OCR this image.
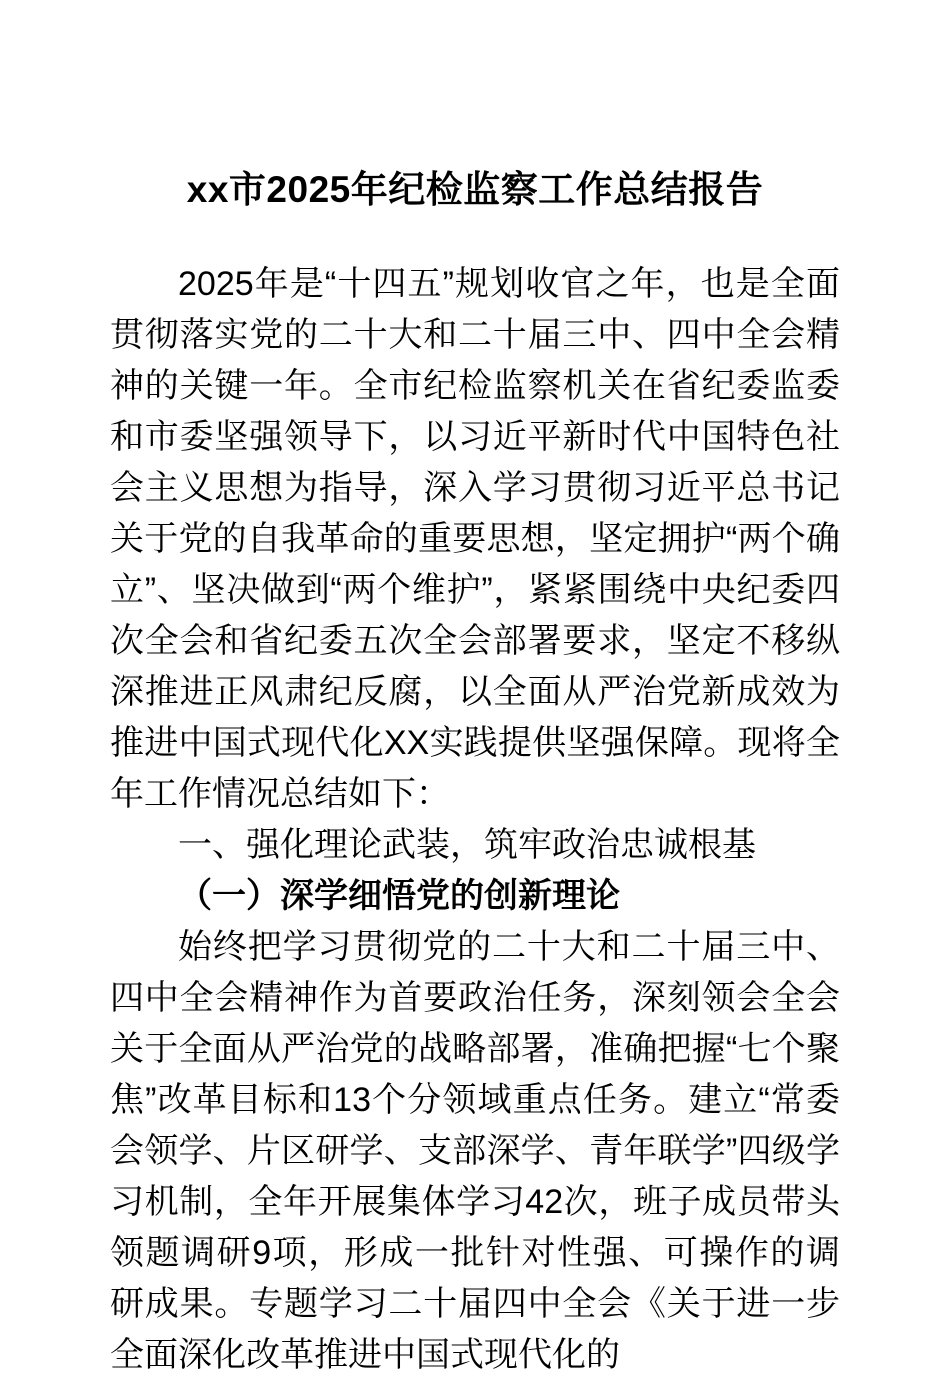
xx市2025年纪检监察工作总结报告

2025年是“十四五”规划收官之年，也是全面贯彻落实党的二十大和二十届三中、四中全会精神的关键一年。全市纪检监察机关在省纪委监委和市委坚强领导下，以习近平新时代中国特色社会主义思想为指导，深入学习贯彻习近平总书记关于党的自我革命的重要思想，坚定拥护“两个确立”、坚决做到“两个维护”，紧紧围绕中央纪委四次全会和省纪委五次全会部署要求，坚定不移纵深推进正风肃纪反腐，以全面从严治党新成效为推进中国式现代化XX实践提供坚强保障。现将全年工作情况总结如下：

一、强化理论武装，筑牢政治忠诚根基

（一）深学细悟党的创新理论

始终把学习贯彻党的二十大和二十届三中、四中全会精神作为首要政治任务，深刻领会全会关于全面从严治党的战略部署，准确把握“七个聚焦”改革目标和13个分领域重点任务。建立“常委会领学、片区研学、支部深学、青年联学”四级学习机制，全年开展集体学习42次，班子成员带头领题调研9项，形成一批针对性强、可操作的调研成果。专题学习二十届四中全会《关于进一步全面深化改革推进中国式现代化的
